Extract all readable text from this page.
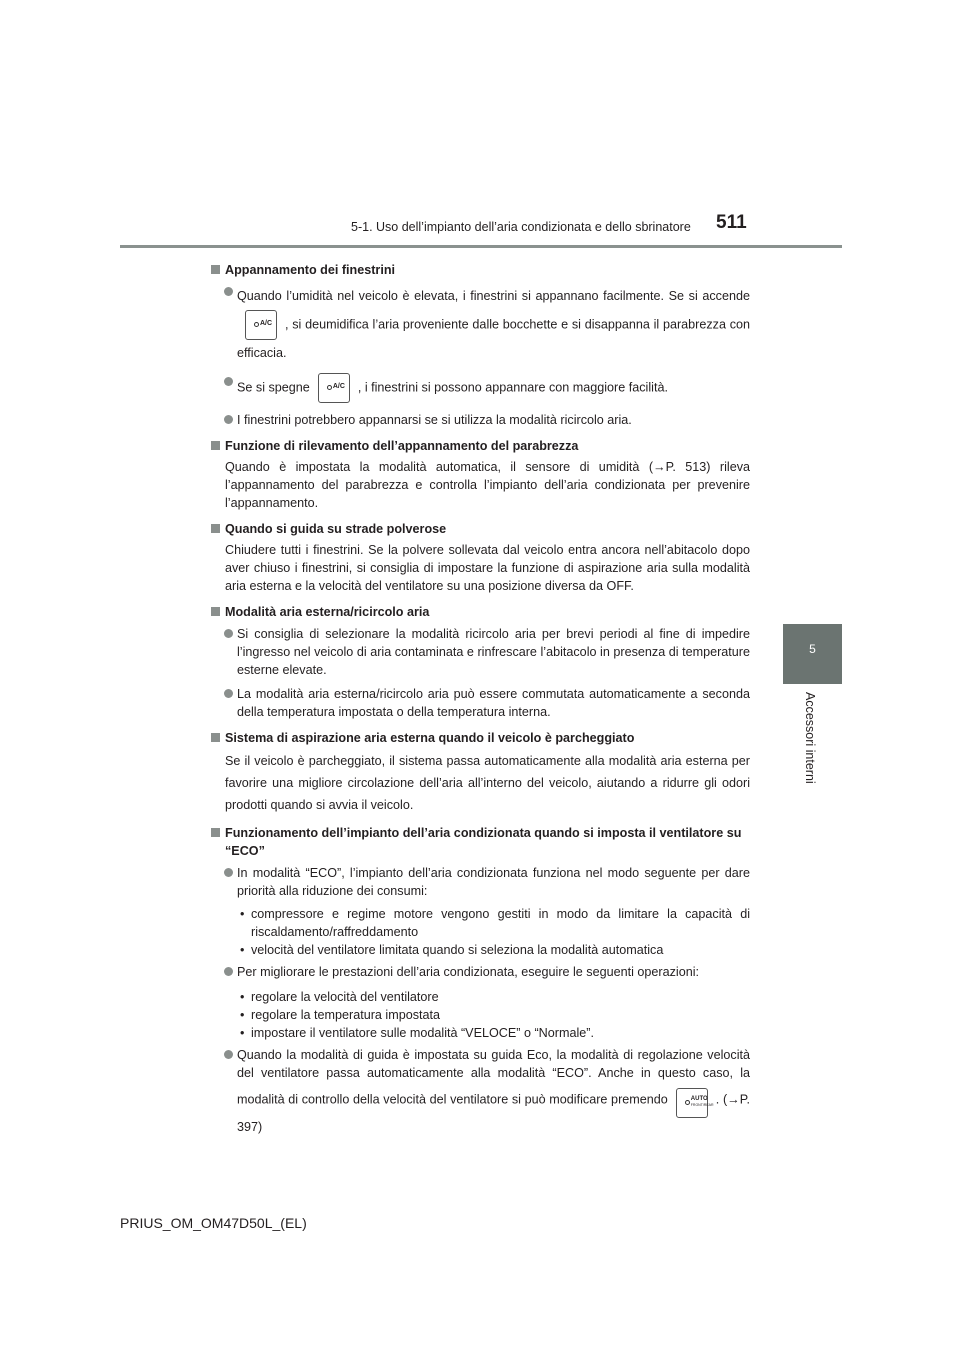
5-1. Uso dell’impianto dell’aria condizionata e dello sbrinatore 511
5
Accessori interni
Appannamento dei finestrini
Quando l’umidità nel veicolo è elevata, i finestrini si appannano facilmente. Se si accende
A/C , si deumidifica l’aria proveniente dalle bocchette e si disappanna il parabrezza con efficacia.
Se si spegne	A/C , i finestrini si possono appannare con maggiore facilità.
I finestrini potrebbero appannarsi se si utilizza la modalità ricircolo aria.
Funzione di rilevamento dell’appannamento del parabrezza
Quando è impostata la modalità automatica, il sensore di umidità (→P. 513) rileva l’appannamento del parabrezza e controlla l’impianto dell’aria condizionata per prevenire l’appannamento.
Quando si guida su strade polverose
Chiudere tutti i finestrini. Se la polvere sollevata dal veicolo entra ancora nell’abitacolo dopo aver chiuso i finestrini, si consiglia di impostare la funzione di aspirazione aria sulla modalità aria esterna e la velocità del ventilatore su una posizione diversa da OFF.
Modalità aria esterna/ricircolo aria
Si consiglia di selezionare la modalità ricircolo aria per brevi periodi al fine di impedire l’ingresso nel veicolo di aria contaminata e rinfrescare l’abitacolo in presenza di temperature esterne elevate.
La modalità aria esterna/ricircolo aria può essere commutata automaticamente a seconda della temperatura impostata o della temperatura interna.
Sistema di aspirazione aria esterna quando il veicolo è parcheggiato
Se il veicolo è parcheggiato, il sistema passa automaticamente alla modalità aria esterna per favorire una migliore circolazione dell’aria all’interno del veicolo, aiutando a ridurre gli odori prodotti quando si avvia il veicolo.
Funzionamento dell’impianto dell’aria condizionata quando si imposta il ventilatore su “ECO”
In modalità “ECO”, l’impianto dell’aria condizionata funziona nel modo seguente per dare priorità alla riduzione dei consumi:
• compressore e regime motore vengono gestiti in modo da limitare la capacità di riscaldamento/raffreddamento
• velocità del ventilatore limitata quando si seleziona la modalità automatica
Per migliorare le prestazioni dell’aria condizionata, eseguire le seguenti operazioni:
• regolare la velocità del ventilatore
• regolare la temperatura impostata
• impostare il ventilatore sulle modalità “VELOCE” o “Normale”.
Quando la modalità di guida è impostata su guida Eco, la modalità di regolazione velocità del ventilatore passa automaticamente alla modalità “ECO”. Anche in questo caso, la modalità di controllo della velocità del ventilatore si può modificare premendo	AUTO
FRONT/REAR . (→P. 397)
PRIUS_OM_OM47D50L_(EL)
